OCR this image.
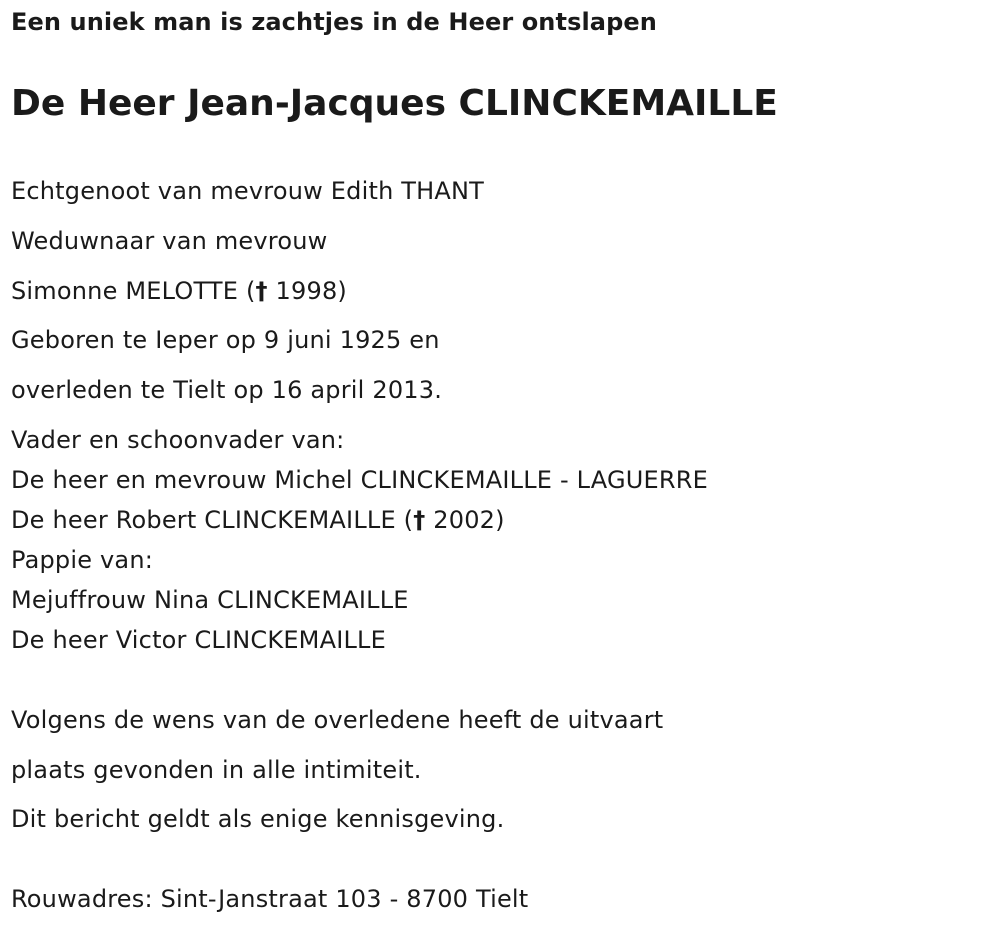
Een uniek man is zachtjes in de Heer ontslapen
De Heer Jean-Jacques CLINCKEMAILLE
Echtgenoot van mevrouw Edith THANT
Weduwnaar van mevrouw
Simonne MELOTTE († 1998)
Geboren te Ieper op 9 juni 1925 en
overleden te Tielt op 16 april 2013.
Vader en schoonvader van:
De heer en mevrouw Michel CLINCKEMAILLE - LAGUERRE
De heer Robert CLINCKEMAILLE († 2002)
Pappie van:
Mejuffrouw Nina CLINCKEMAILLE
De heer Victor CLINCKEMAILLE
Volgens de wens van de overledene heeft de uitvaart
plaats gevonden in alle intimiteit.
Dit bericht geldt als enige kennisgeving.
Rouwadres: Sint-Janstraat 103 - 8700 Tielt
